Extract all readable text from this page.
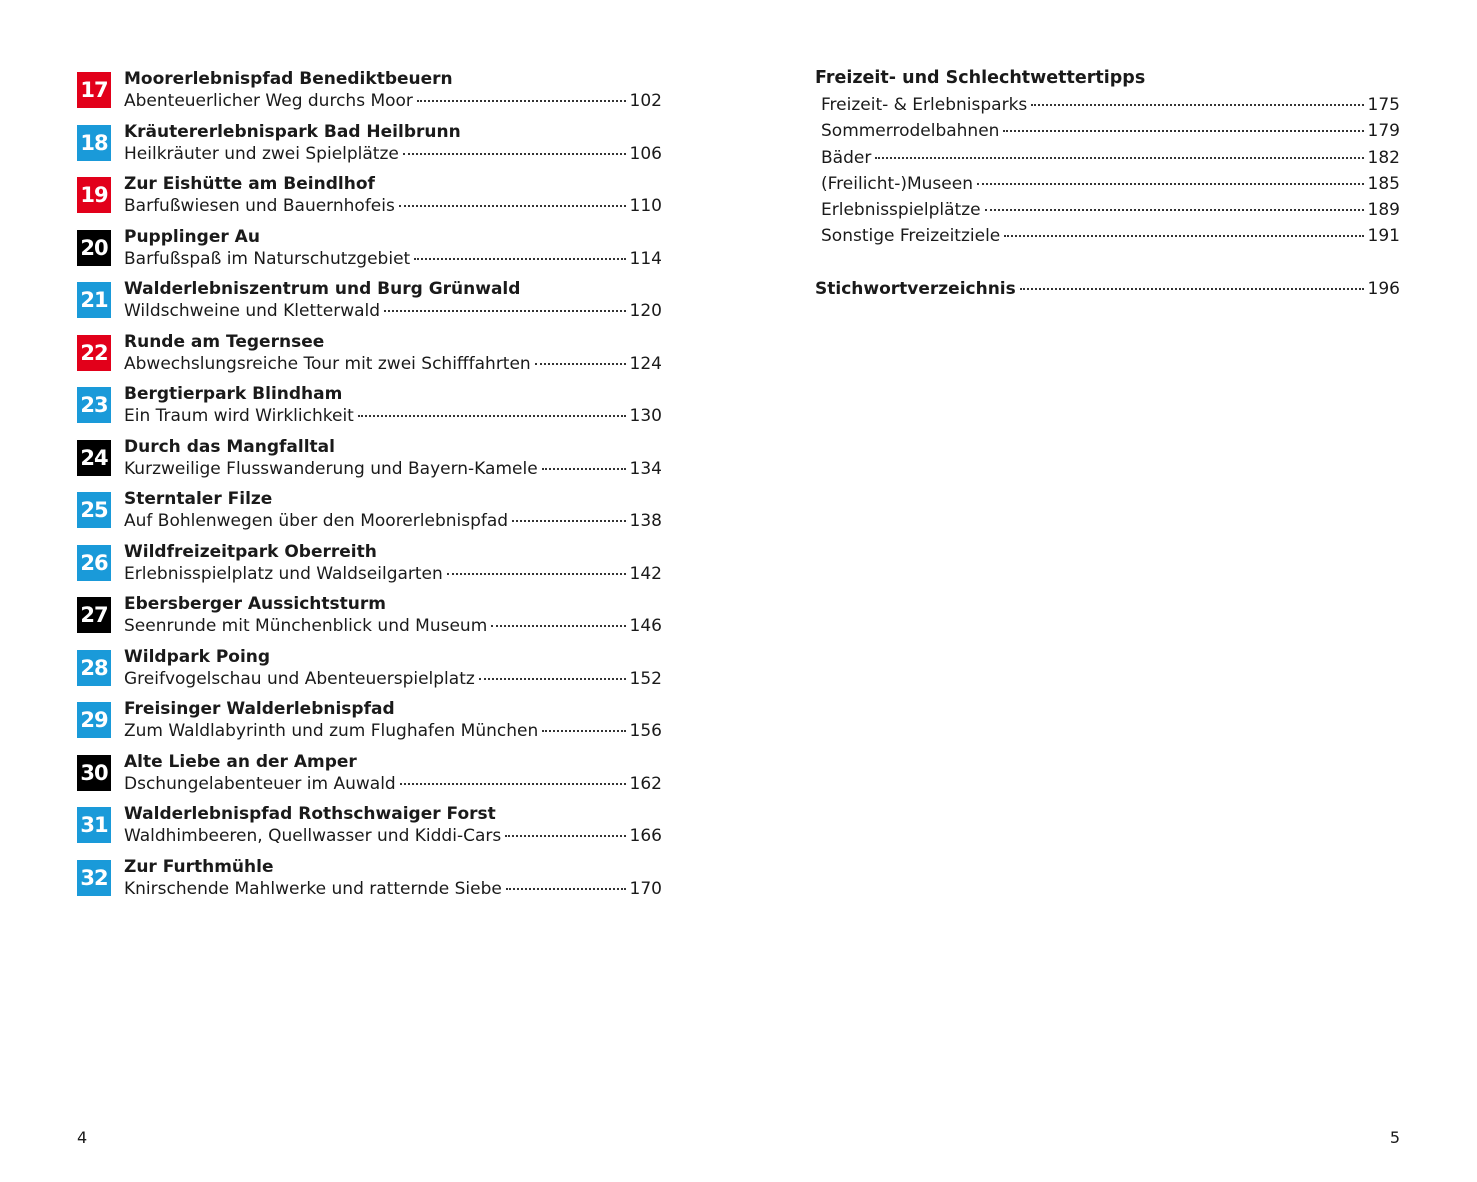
17 Moorerlebnispfad Benediktbeuern
Abenteuerlicher Weg durchs Moor	102
18 Kräutererlebnispark Bad Heilbrunn
Heilkräuter und zwei Spielplätze	106
19 Zur Eishütte am Beindlhof
Barfußwiesen und Bauernhofeis	110
20 Pupplinger Au
Barfußspaß im Naturschutzgebiet	114
21 Walderlebniszentrum und Burg Grünwald
Wildschweine und Kletterwald	120
22 Runde am Tegernsee
Abwechslungsreiche Tour mit zwei Schifffahrten	124
23 Bergtierpark Blindham
Ein Traum wird Wirklichkeit	130
24 Durch das Mangfalltal
Kurzweilige Flusswanderung und Bayern-Kamele	134
25 Sterntaler Filze
Auf Bohlenwegen über den Moorerlebnispfad	138
26 Wildfreizeitpark Oberreith
Erlebnisspielplatz und Waldseilgarten	142
27 Ebersberger Aussichtsturm
Seenrunde mit Münchenblick und Museum	146
28 Wildpark Poing
Greifvogelschau und Abenteuerspielplatz	152
29 Freisinger Walderlebnispfad
Zum Waldlabyrinth und zum Flughafen München	156
30 Alte Liebe an der Amper
Dschungelabenteuer im Auwald	162
31 Walderlebnispfad Rothschwaiger Forst
Waldhimbeeren, Quellwasser und Kiddi-Cars	166
32 Zur Furthmühle
Knirschende Mahlwerke und ratternde Siebe	170
4
Freizeit- und Schlechtwettertipps
Freizeit- & Erlebnisparks	175
Sommerrodelbahnen	179
Bäder	182
(Freilicht-)Museen	185
Erlebnisspielplätze	189
Sonstige Freizeitziele	191
Stichwortverzeichnis	196
5
